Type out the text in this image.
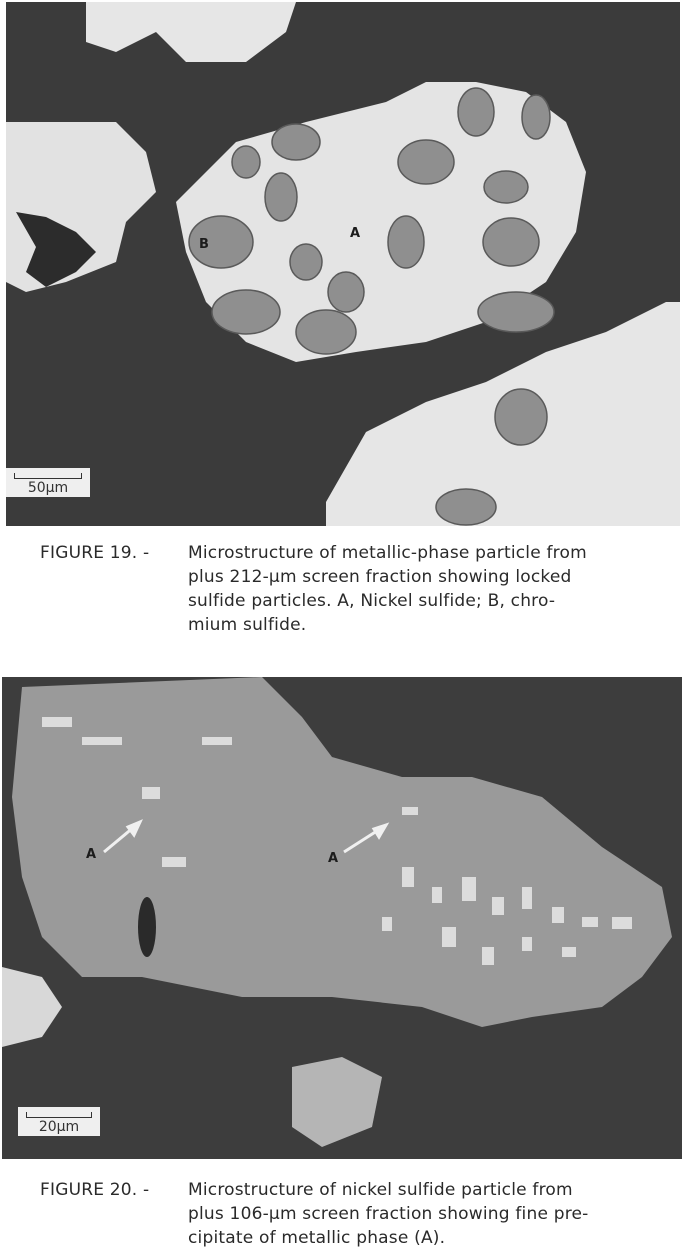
B
A
50μm
FIGURE 19. - Microstructure of metallic-phase particle from
plus 212-μm screen fraction showing locked
sulfide particles. A, Nickel sulfide; B, chro-
mium sulfide.
A	A
20μm
FIGURE 20. - Microstructure of nickel sulfide particle from
plus 106-μm screen fraction showing fine pre-
cipitate of metallic phase (A).
